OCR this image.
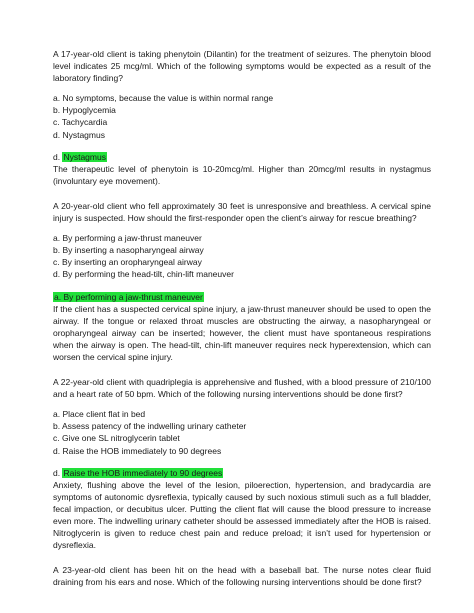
A 17-year-old client is taking phenytoin (Dilantin) for the treatment of seizures. The phenytoin blood level indicates 25 mcg/ml. Which of the following symptoms would be expected as a result of the laboratory finding?

a. No symptoms, because the value is within normal range
b. Hypoglycemia
c. Tachycardia
d. Nystagmus

d. Nystagmus

The therapeutic level of phenytoin is 10-20mcg/ml. Higher than 20mcg/ml results in nystagmus (involuntary eye movement).

A 20-year-old client who fell approximately 30 feet is unresponsive and breathless. A cervical spine injury is suspected. How should the first-responder open the client’s airway for rescue breathing?

a. By performing a jaw-thrust maneuver
b. By inserting a nasopharyngeal airway
c. By inserting an oropharyngeal airway
d. By performing the head-tilt, chin-lift maneuver

a. By performing a jaw-thrust maneuver

If the client has a suspected cervical spine injury, a jaw-thrust maneuver should be used to open the airway. If the tongue or relaxed throat muscles are obstructing the airway, a nasopharyngeal or oropharyngeal airway can be inserted; however, the client must have spontaneous respirations when the airway is open. The head-tilt, chin-lift maneuver requires neck hyperextension, which can worsen the cervical spine injury.

A 22-year-old client with quadriplegia is apprehensive and flushed, with a blood pressure of 210/100 and a heart rate of 50 bpm. Which of the following nursing interventions should be done first?

a. Place client flat in bed
b. Assess patency of the indwelling urinary catheter
c. Give one SL nitroglycerin tablet
d. Raise the HOB immediately to 90 degrees

d. Raise the HOB immediately to 90 degrees

Anxiety, flushing above the level of the lesion, piloerection, hypertension, and bradycardia are symptoms of autonomic dysreflexia, typically caused by such noxious stimuli such as a full bladder, fecal impaction, or decubitus ulcer. Putting the client flat will cause the blood pressure to increase even more. The indwelling urinary catheter should be assessed immediately after the HOB is raised. Nitroglycerin is given to reduce chest pain and reduce preload; it isn’t used for hypertension or dysreflexia.

A 23-year-old client has been hit on the head with a baseball bat. The nurse notes clear fluid draining from his ears and nose. Which of the following nursing interventions should be done first?
